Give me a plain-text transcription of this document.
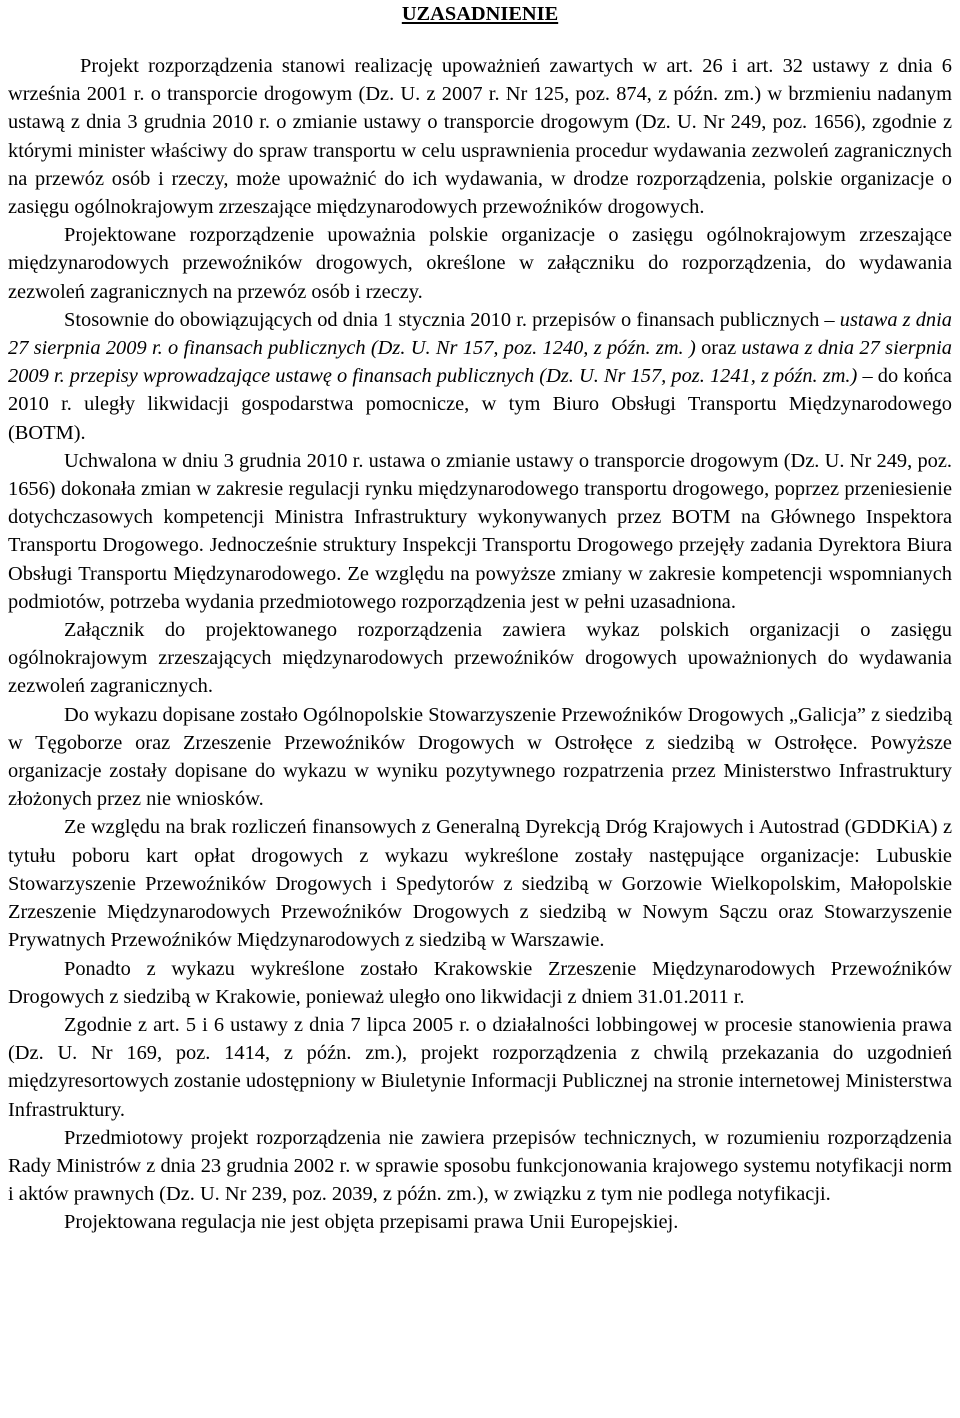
UZASADNIENIE

Projekt rozporządzenia stanowi realizację upoważnień zawartych w art. 26 i art. 32 ustawy z dnia 6 września 2001 r. o transporcie drogowym (Dz. U. z 2007 r. Nr 125, poz. 874, z późn. zm.) w brzmieniu nadanym ustawą z dnia 3 grudnia 2010 r. o zmianie ustawy o transporcie drogowym (Dz. U. Nr 249, poz. 1656), zgodnie z którymi minister właściwy do spraw transportu w celu usprawnienia procedur wydawania zezwoleń zagranicznych na przewóz osób i rzeczy, może upoważnić do ich wydawania, w drodze rozporządzenia, polskie organizacje o zasięgu ogólnokrajowym zrzeszające międzynarodowych przewoźników drogowych.

Projektowane rozporządzenie upoważnia polskie organizacje o zasięgu ogólnokrajowym zrzeszające międzynarodowych przewoźników drogowych, określone w załączniku do rozporządzenia, do wydawania zezwoleń zagranicznych na przewóz osób i rzeczy.

Stosownie do obowiązujących od dnia 1 stycznia 2010 r. przepisów o finansach publicznych – ustawa z dnia 27 sierpnia 2009 r. o finansach publicznych (Dz. U. Nr 157, poz. 1240, z późn. zm. ) oraz ustawa z dnia 27 sierpnia 2009 r. przepisy wprowadzające ustawę o finansach publicznych (Dz. U. Nr 157, poz. 1241, z późn. zm.) – do końca 2010 r. uległy likwidacji gospodarstwa pomocnicze, w tym Biuro Obsługi Transportu Międzynarodowego (BOTM).

Uchwalona w dniu 3 grudnia 2010 r. ustawa o zmianie ustawy o transporcie drogowym (Dz. U. Nr 249, poz. 1656) dokonała zmian w zakresie regulacji rynku międzynarodowego transportu drogowego, poprzez przeniesienie dotychczasowych kompetencji Ministra Infrastruktury wykonywanych przez BOTM na Głównego Inspektora Transportu Drogowego. Jednocześnie struktury Inspekcji Transportu Drogowego przejęły zadania Dyrektora Biura Obsługi Transportu Międzynarodowego. Ze względu na powyższe zmiany w zakresie kompetencji wspomnianych podmiotów, potrzeba wydania przedmiotowego rozporządzenia jest w pełni uzasadniona.

Załącznik do projektowanego rozporządzenia zawiera wykaz polskich organizacji o zasięgu ogólnokrajowym zrzeszających międzynarodowych przewoźników drogowych upoważnionych do wydawania zezwoleń zagranicznych.

Do wykazu dopisane zostało Ogólnopolskie Stowarzyszenie Przewoźników Drogowych „Galicja” z siedzibą w Tęgoborze oraz Zrzeszenie Przewoźników Drogowych w Ostrołęce z siedzibą w Ostrołęce. Powyższe organizacje zostały dopisane do wykazu w wyniku pozytywnego rozpatrzenia przez Ministerstwo Infrastruktury złożonych przez nie wniosków.

Ze względu na brak rozliczeń finansowych z Generalną Dyrekcją Dróg Krajowych i Autostrad (GDDKiA) z tytułu poboru kart opłat drogowych z wykazu wykreślone zostały następujące organizacje: Lubuskie Stowarzyszenie Przewoźników Drogowych i Spedytorów z siedzibą w Gorzowie Wielkopolskim, Małopolskie Zrzeszenie Międzynarodowych Przewoźników Drogowych z siedzibą w Nowym Sączu oraz Stowarzyszenie Prywatnych Przewoźników Międzynarodowych z siedzibą w Warszawie.

Ponadto z wykazu wykreślone zostało Krakowskie Zrzeszenie Międzynarodowych Przewoźników Drogowych z siedzibą w Krakowie, ponieważ uległo ono likwidacji z dniem 31.01.2011 r.

Zgodnie z art. 5 i 6 ustawy z dnia 7 lipca 2005 r. o działalności lobbingowej w procesie stanowienia prawa (Dz. U. Nr 169, poz. 1414, z późn. zm.), projekt rozporządzenia z chwilą przekazania do uzgodnień międzyresortowych zostanie udostępniony w Biuletynie Informacji Publicznej na stronie internetowej Ministerstwa Infrastruktury.

Przedmiotowy projekt rozporządzenia nie zawiera przepisów technicznych, w rozumieniu rozporządzenia Rady Ministrów z dnia 23 grudnia 2002 r. w sprawie sposobu funkcjonowania krajowego systemu notyfikacji norm i aktów prawnych (Dz. U. Nr 239, poz. 2039, z późn. zm.), w związku z tym nie podlega notyfikacji.

Projektowana regulacja nie jest objęta przepisami prawa Unii Europejskiej.
